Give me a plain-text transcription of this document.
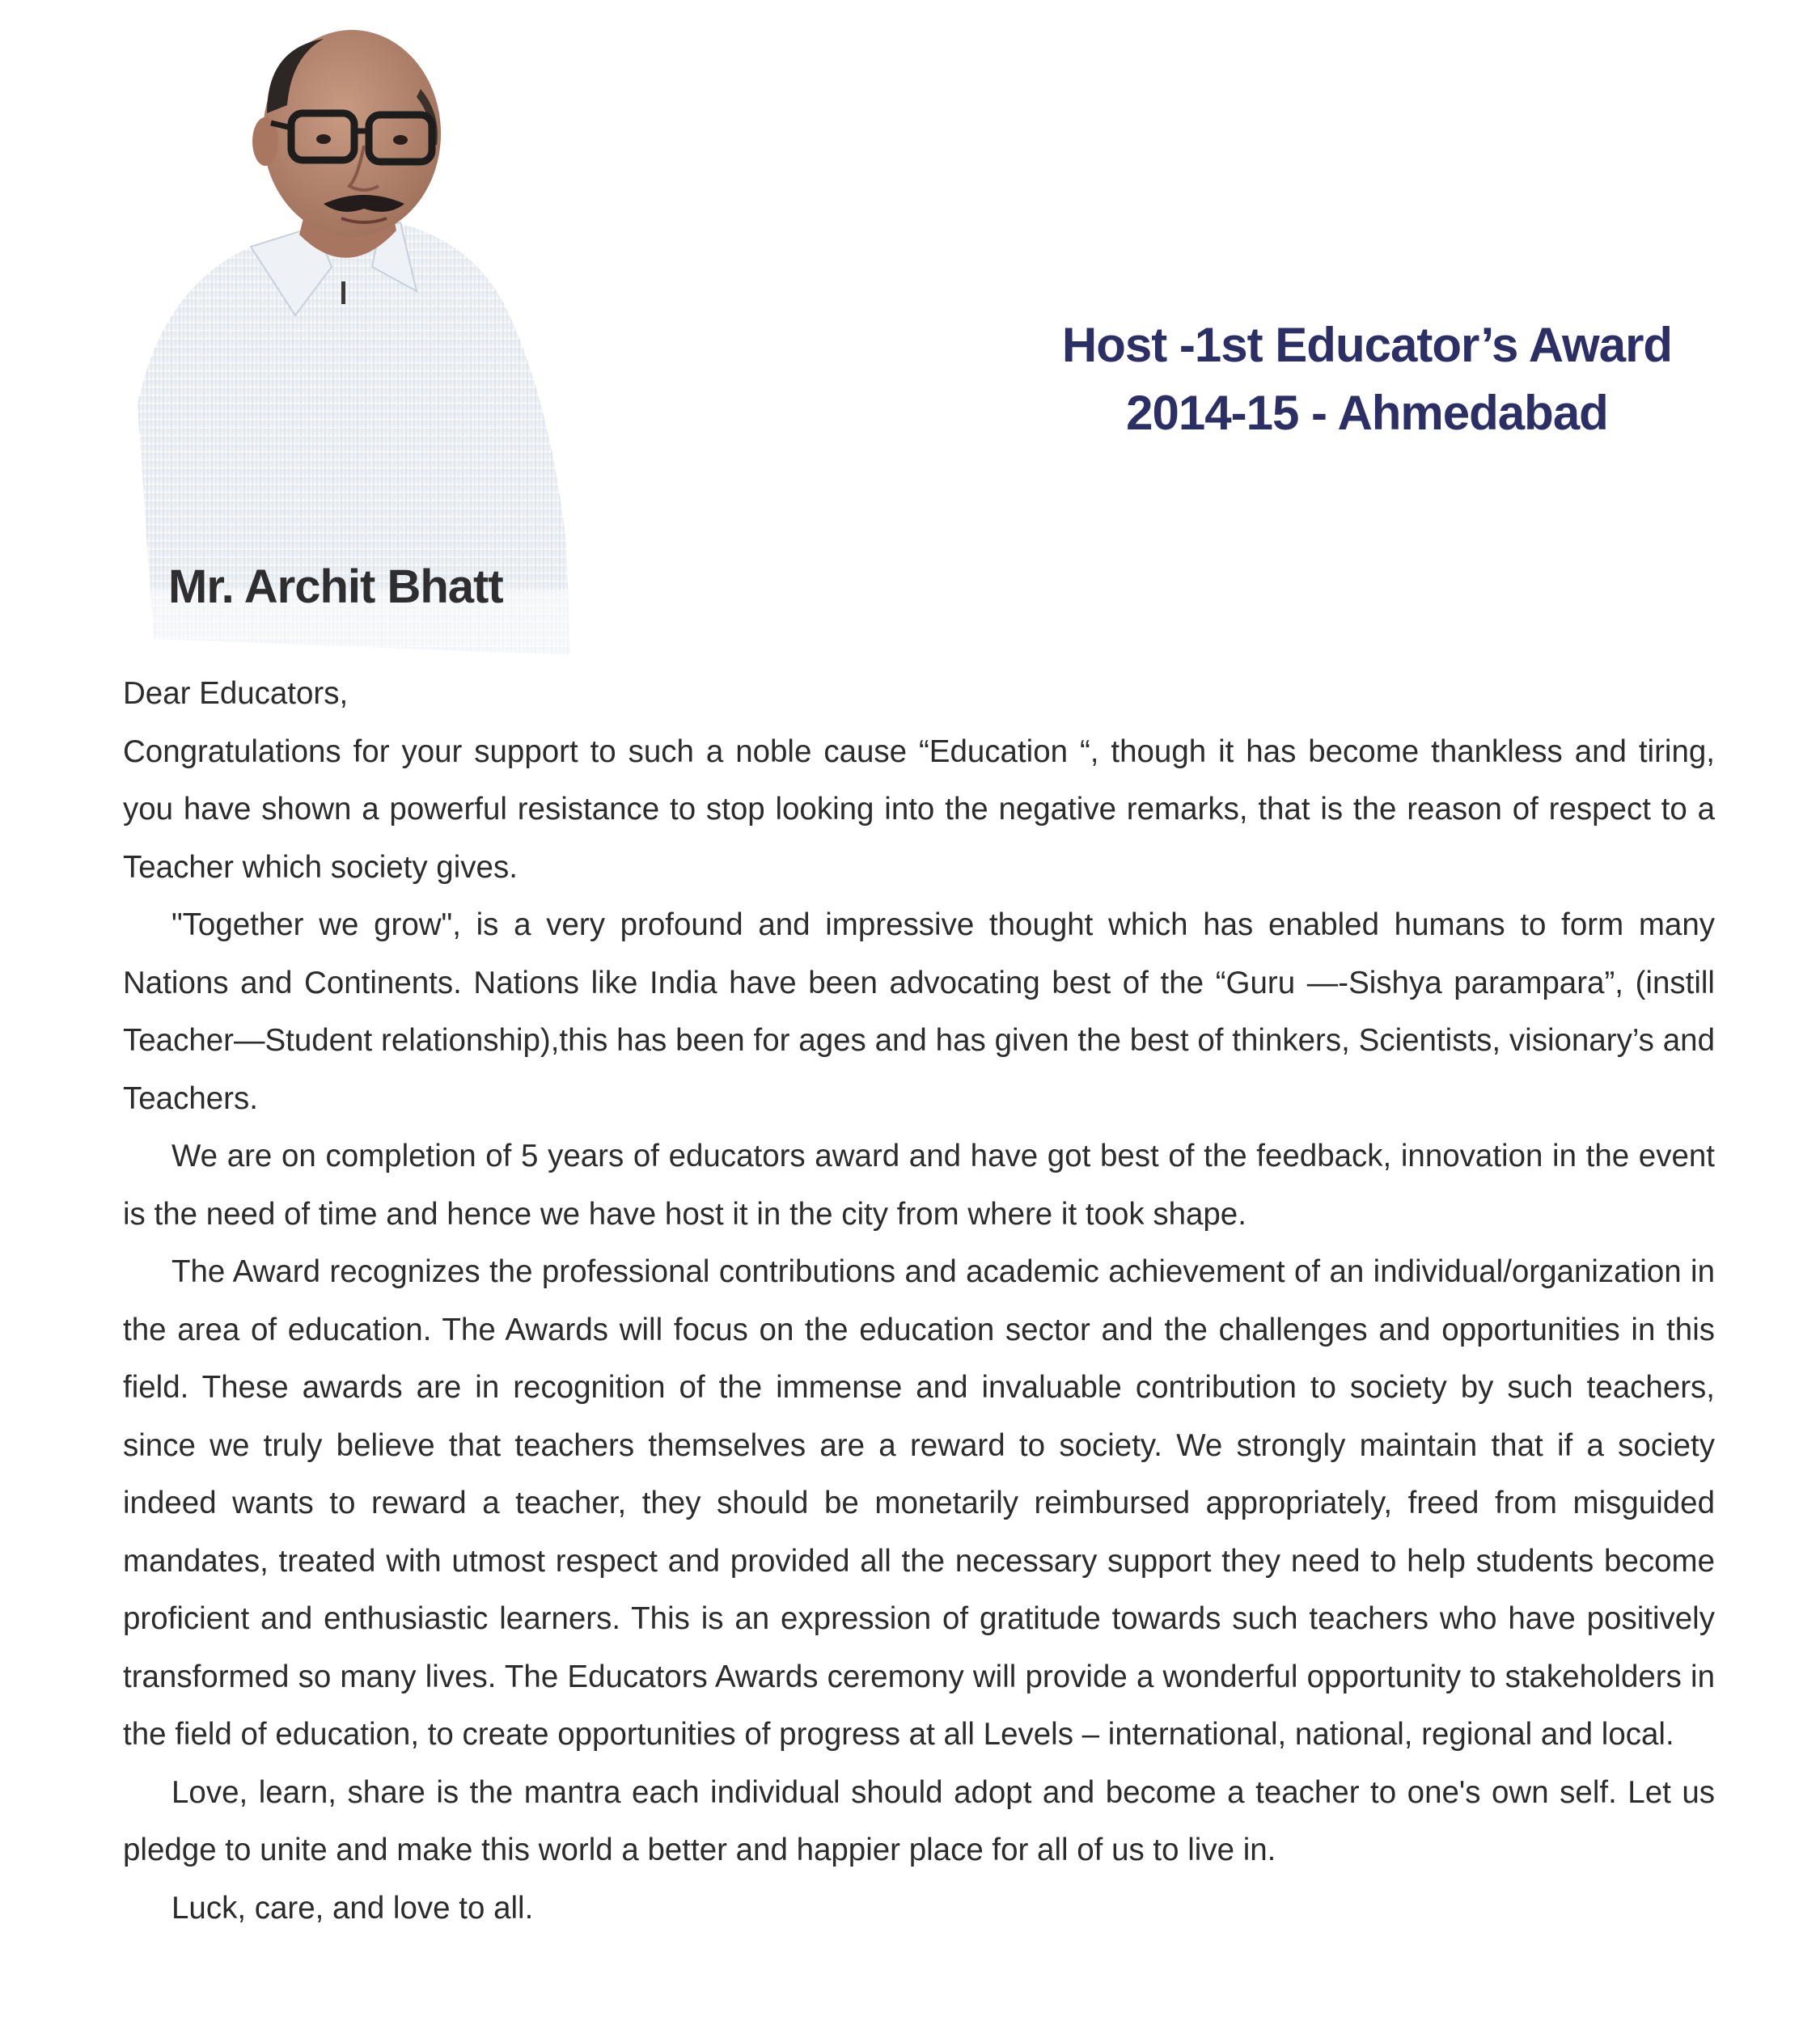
Mr. Archit Bhatt
Host -1st Educator’s Award
2014-15 - Ahmedabad

Dear Educators,

Congratulations for your support to such a noble cause “Education “, though it has become thankless and tiring, you have shown a powerful resistance to stop looking into the negative remarks, that is the reason of respect to a Teacher which society gives.

"Together we grow", is a very profound and impressive thought which has enabled humans to form many Nations and Continents. Nations like India have been advocating best of the “Guru —-Sishya parampara”, (instill Teacher—Student relationship),this has been for ages and has given the best of thinkers, Scientists, visionary’s and Teachers.

We are on completion of 5 years of educators award and have got best of the feedback, innovation in the event is the need of time and hence we have host it in the city from where it took shape.

The Award recognizes the professional contributions and academic achievement of an individual/organization in the area of education. The Awards will focus on the education sector and the challenges and opportunities in this field. These awards are in recognition of the immense and invaluable contribution to society by such teachers, since we truly believe that teachers themselves are a reward to society. We strongly maintain that if a society indeed wants to reward a teacher, they should be monetarily reimbursed appropriately, freed from misguided mandates, treated with utmost respect and provided all the necessary support they need to help students become proficient and enthusiastic learners. This is an expression of gratitude towards such teachers who have positively transformed so many lives. The Educators Awards ceremony will provide a wonderful opportunity to stakeholders in the field of education, to create opportunities of progress at all Levels – international, national, regional and local.

Love, learn, share is the mantra each individual should adopt and become a teacher to one's own self. Let us pledge to unite and make this world a better and happier place for all of us to live in.

Luck, care, and love to all.
